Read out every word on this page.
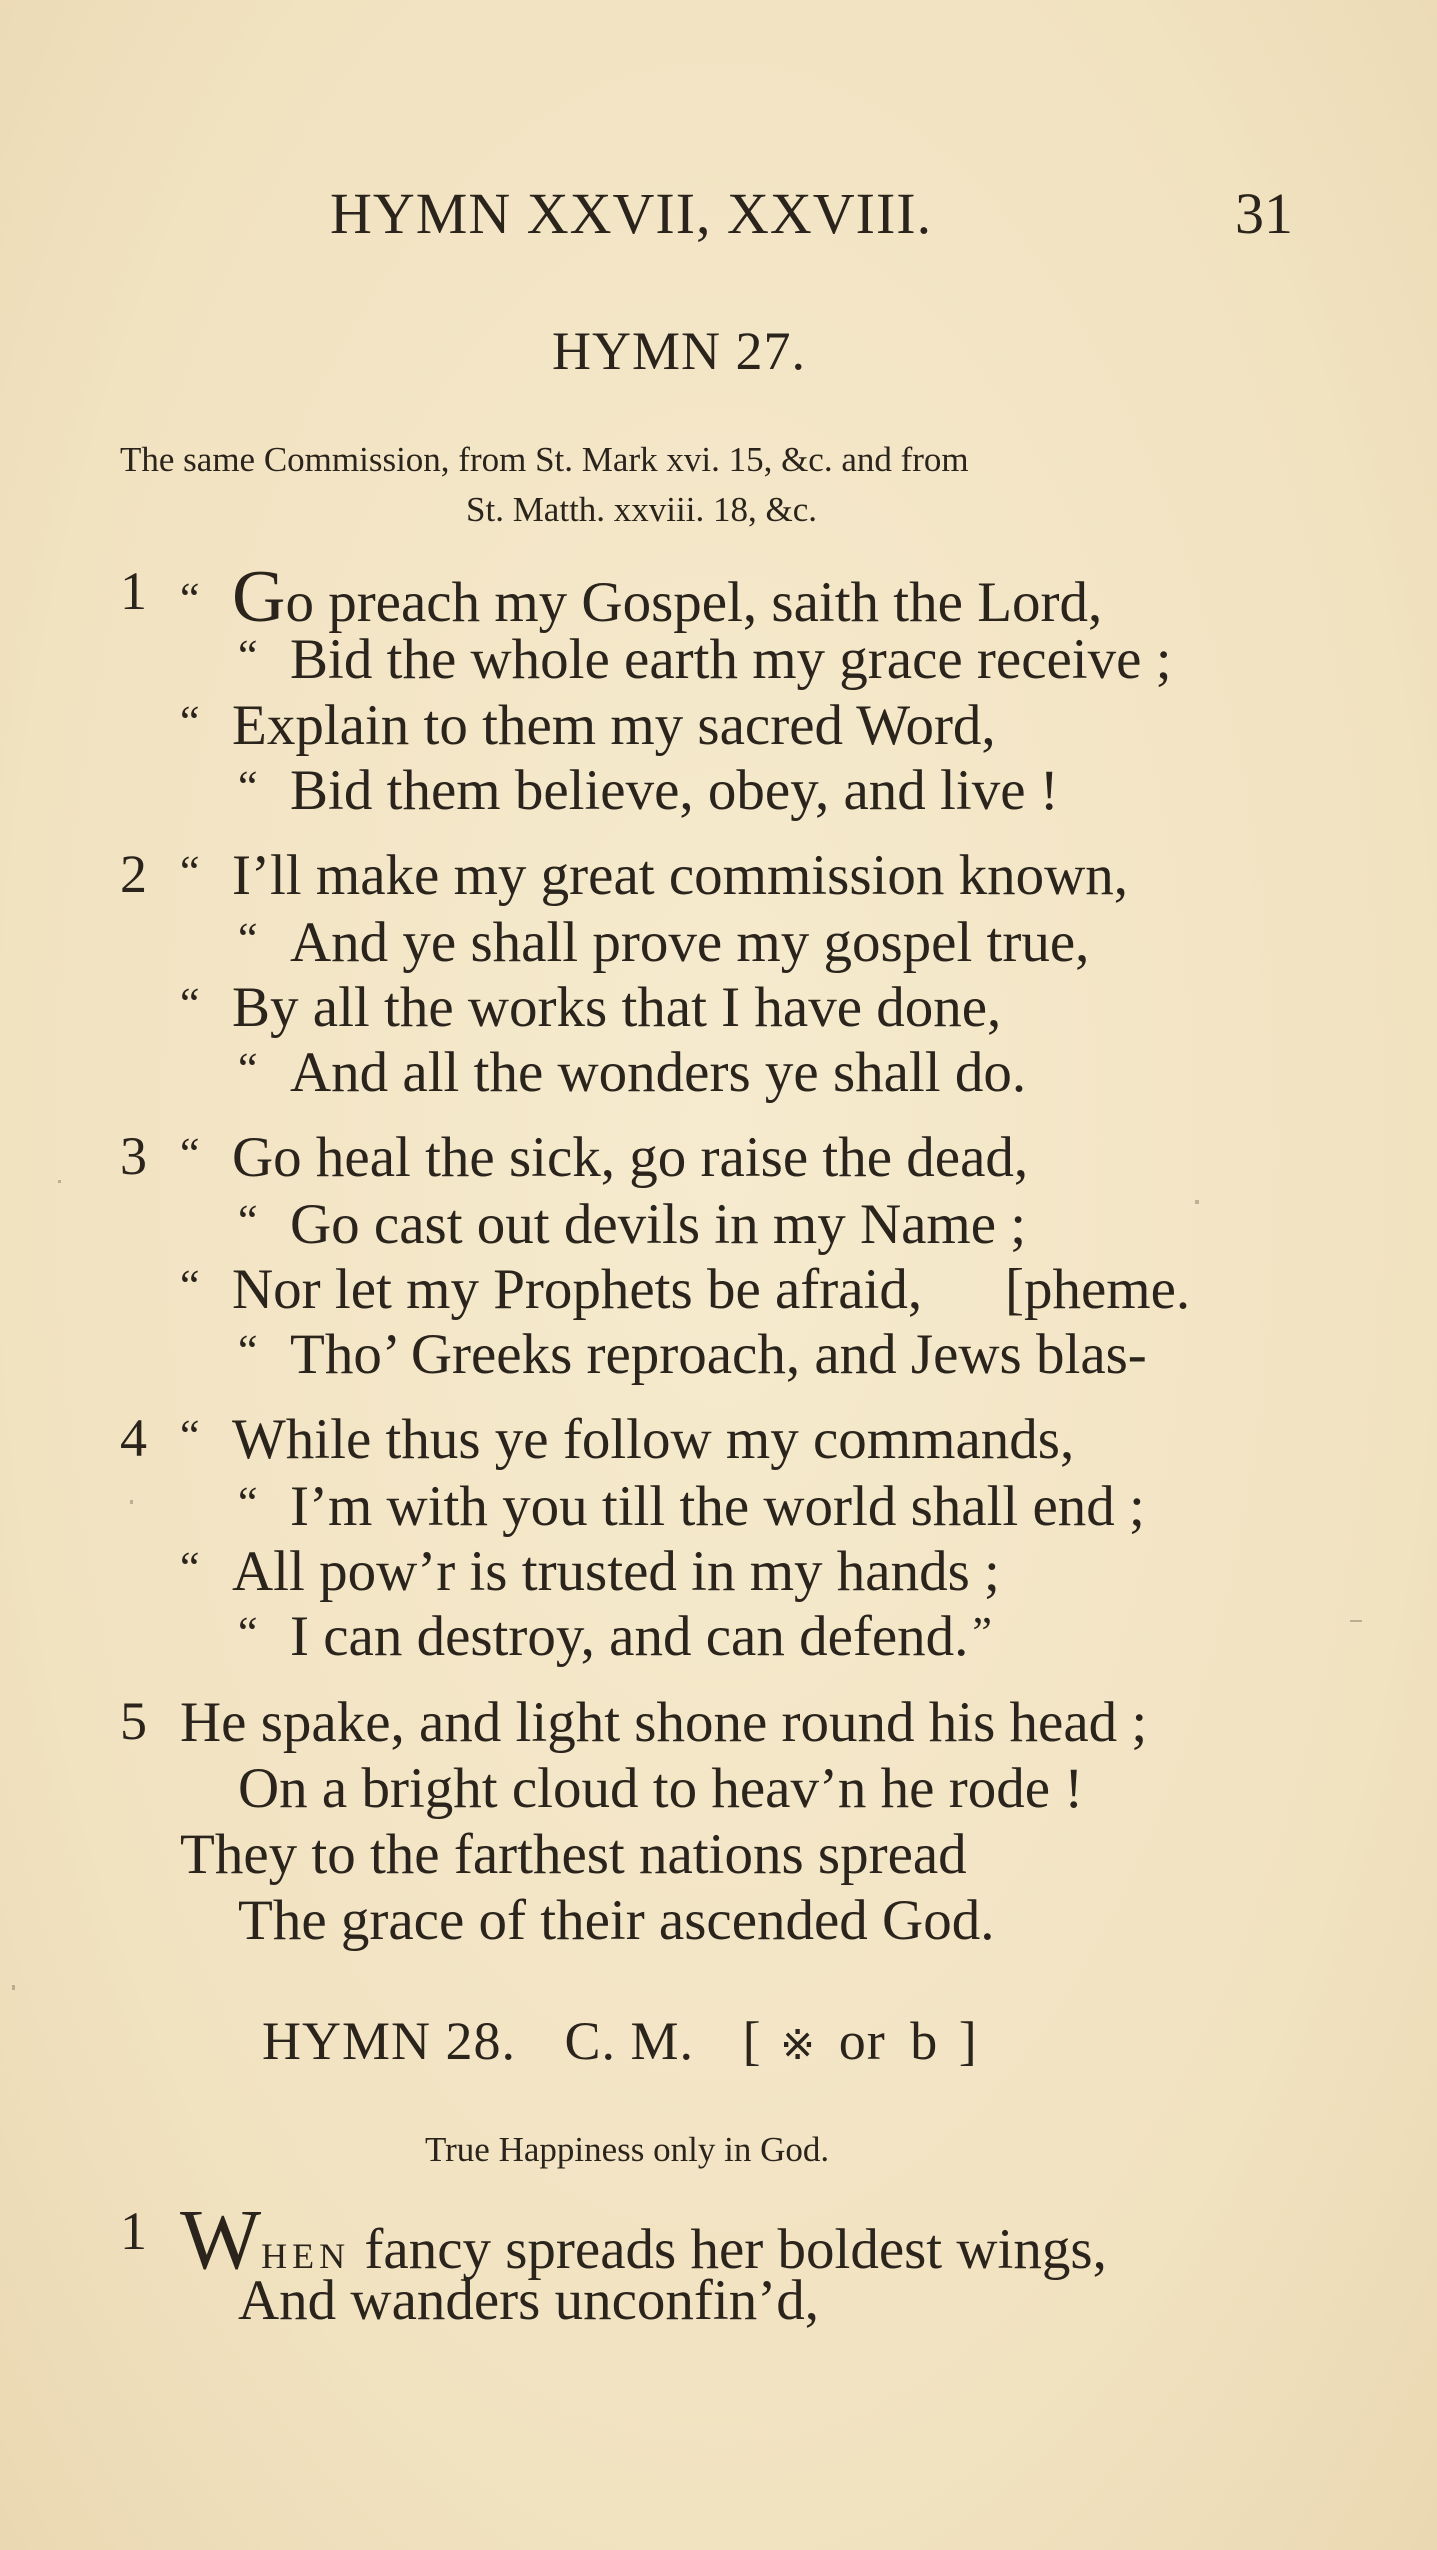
HYMN XXVII, XXVIII.	31
HYMN 27.
The same Commission, from St. Mark xvi. 15, &c. and from
St. Matth. xxviii. 18, &c.
1 “ Go preach my Gospel, saith the Lord,
“ Bid the whole earth my grace receive ;
“ Explain to them my sacred Word,
“ Bid them believe, obey, and live !
2 “ I’ll make my great commission known,
“ And ye shall prove my gospel true,
“ By all the works that I have done,
“ And all the wonders ye shall do.
3 “ Go heal the sick, go raise the dead,
“ Go cast out devils in my Name ;
“ Nor let my Prophets be afraid, [pheme.
“ Tho’ Greeks reproach, and Jews blas-
4 “ While thus ye follow my commands,
“ I’m with you till the world shall end ;
“ All pow’r is trusted in my hands ;
“ I can destroy, and can defend.”
5 He spake, and light shone round his head ;
On a bright cloud to heav’n he rode !
They to the farthest nations spread
The grace of their ascended God.
HYMN 28. C. M. [ ※ or b ]
True Happiness only in God.
1 WHEN fancy spreads her boldest wings,
And wanders unconfin’d,
